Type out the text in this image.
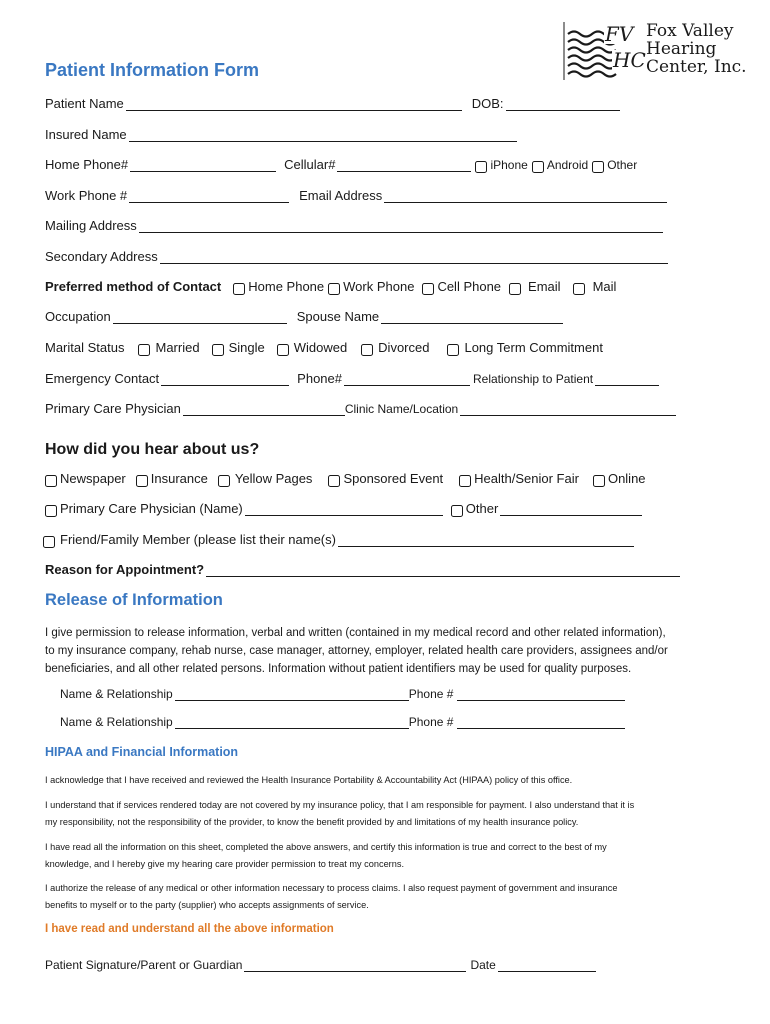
FV
HC
Fox Valley
Hearing
Center, Inc.
Patient Information Form
Patient Name	DOB:
Insured Name
Home Phone#	Cellular#	iPhone Android Other
Work Phone #	Email Address
Mailing Address
Secondary Address
Preferred method of Contact Home Phone Work Phone Cell Phone Email Mail
Occupation	Spouse Name
Marital Status Married Single Widowed Divorced	Long Term Commitment
Emergency Contact	Phone#	Relationship to Patient
Primary Care Physician	Clinic Name/Location
How did you hear about us?
Newspaper Insurance Yellow Pages Sponsored Event Health/Senior Fair Online
Primary Care Physician (Name)	Other
Friend/Family Member (please list their name(s)
Reason for Appointment?
Release of Information
I give permission to release information, verbal and written (contained in my medical record and other related information),
to my insurance company, rehab nurse, case manager, attorney, employer, related health care providers, assignees and/or
beneficiaries, and all other related persons. Information without patient identifiers may be used for quality purposes.
Name & Relationship	Phone #
Name & Relationship	Phone #
HIPAA and Financial Information
I acknowledge that I have received and reviewed the Health Insurance Portability & Accountability Act (HIPAA) policy of this office.
I understand that if services rendered today are not covered by my insurance policy, that I am responsible for payment. I also understand that it is
my responsibility, not the responsibility of the provider, to know the benefit provided by and limitations of my health insurance policy.
I have read all the information on this sheet, completed the above answers, and certify this information is true and correct to the best of my
knowledge, and I hereby give my hearing care provider permission to treat my concerns.
I authorize the release of any medical or other information necessary to process claims. I also request payment of government and insurance
benefits to myself or to the party (supplier) who accepts assignments of service.
I have read and understand all the above information
Patient Signature/Parent or Guardian	Date
